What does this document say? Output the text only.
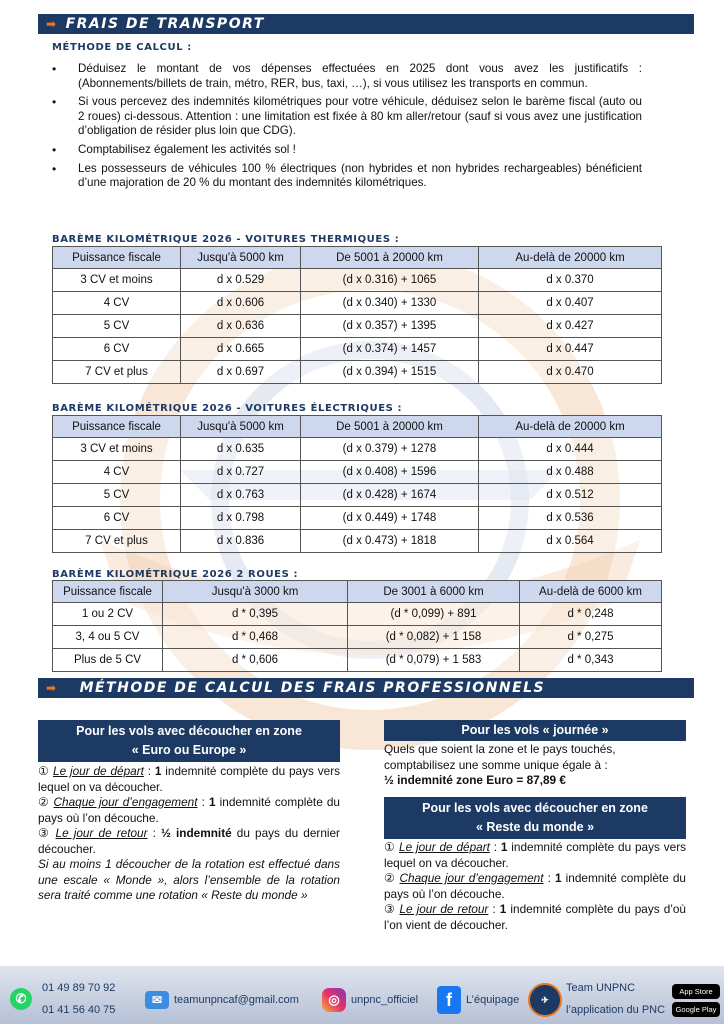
➡ FRAIS DE TRANSPORT
MÉTHODE DE CALCUL :
• Déduisez le montant de vos dépenses effectuées en 2025 dont vous avez les justificatifs : (Abonnements/billets de train, métro, RER, bus, taxi, …), si vous utilisez les transports en commun.
• Si vous percevez des indemnités kilométriques pour votre véhicule, déduisez selon le barème fiscal (auto ou 2 roues) ci-dessous. Attention : une limitation est fixée à 80 km aller/retour (sauf si vous avez une justification d’obligation de résider plus loin que CDG).
• Comptabilisez également les activités sol !
• Les possesseurs de véhicules 100 % électriques (non hybrides et non hybrides rechargeables) bénéficient d’une majoration de 20 % du montant des indemnités kilométriques.
BARÈME KILOMÉTRIQUE 2026 - VOITURES THERMIQUES :
Puissance fiscale	Jusqu'à 5000 km	De 5001 à 20000 km	Au-delà de 20000 km
3 CV et moins	d x 0.529	(d x 0.316) + 1065	d x 0.370
4 CV	d x 0.606	(d x 0.340) + 1330	d x 0.407
5 CV	d x 0.636	(d x 0.357) + 1395	d x 0.427
6 CV	d x 0.665	(d x 0.374) + 1457	d x 0.447
7 CV et plus	d x 0.697	(d x 0.394) + 1515	d x 0.470
BARÈME KILOMÉTRIQUE 2026 - VOITURES ÉLECTRIQUES :
Puissance fiscale	Jusqu'à 5000 km	De 5001 à 20000 km	Au-delà de 20000 km
3 CV et moins	d x 0.635	(d x 0.379) + 1278	d x 0.444
4 CV	d x 0.727	(d x 0.408) + 1596	d x 0.488
5 CV	d x 0.763	(d x 0.428) + 1674	d x 0.512
6 CV	d x 0.798	(d x 0.449) + 1748	d x 0.536
7 CV et plus	d x 0.836	(d x 0.473) + 1818	d x 0.564
BARÈME KILOMÉTRIQUE 2026 2 ROUES :
Puissance fiscale	Jusqu'à 3000 km	De 3001 à 6000 km	Au-delà de 6000 km
1 ou 2 CV	d * 0,395	(d * 0,099) + 891	d * 0,248
3, 4 ou 5 CV	d * 0,468	(d * 0,082) + 1 158	d * 0,275
Plus de 5 CV	d * 0,606	(d * 0,079) + 1 583	d * 0,343
➡ MÉTHODE DE CALCUL DES FRAIS PROFESSIONNELS
Pour les vols avec découcher en zone
« Euro ou Europe »

① Le jour de départ : 1 indemnité complète du pays vers lequel on va découcher.

② Chaque jour d’engagement : 1 indemnité complète du pays où l’on découche.

③ Le jour de retour : ½ indemnité du pays du dernier découcher.

Si au moins 1 découcher de la rotation est effectué dans une escale « Monde », alors l’ensemble de la rotation sera traité comme une rotation « Reste du monde »

Pour les vols « journée »

Quels que soient la zone et le pays touchés, comptabilisez une somme unique égale à :

½ indemnité zone Euro = 87,89 €

Pour les vols avec découcher en zone
« Reste du monde »

① Le jour de départ : 1 indemnité complète du pays vers lequel on va découcher.

② Chaque jour d’engagement : 1 indemnité complète du pays où l’on découche.

③ Le jour de retour : 1 indemnité complète du pays d’où l’on vient de découcher.

✆
01 49 89 70 92
01 41 56 40 75
✉	teamunpncaf@gmail.com	◎	unpnc_officiel	f	L’équipage	✈
Team UNPNC
l’application du PNC
App Store
Google Play
